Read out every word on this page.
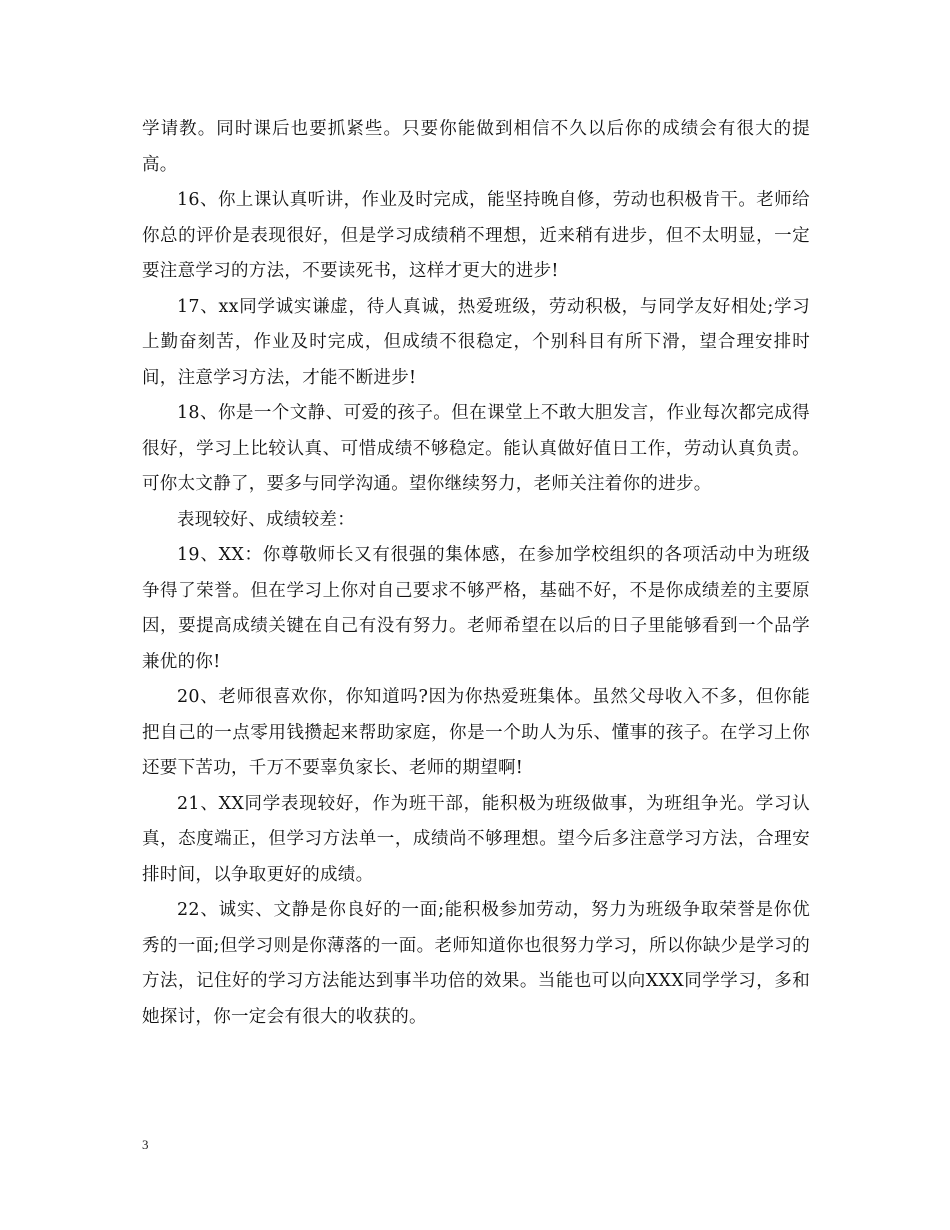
学请教。同时课后也要抓紧些。只要你能做到相信不久以后你的成绩会有很大的提高。

16、你上课认真听讲，作业及时完成，能坚持晚自修，劳动也积极肯干。老师给你总的评价是表现很好，但是学习成绩稍不理想，近来稍有进步，但不太明显，一定要注意学习的方法，不要读死书，这样才更大的进步!

17、xx同学诚实谦虚，待人真诚，热爱班级，劳动积极，与同学友好相处;学习上勤奋刻苦，作业及时完成，但成绩不很稳定，个别科目有所下滑，望合理安排时间，注意学习方法，才能不断进步!

18、你是一个文静、可爱的孩子。但在课堂上不敢大胆发言，作业每次都完成得很好，学习上比较认真、可惜成绩不够稳定。能认真做好值日工作，劳动认真负责。可你太文静了，要多与同学沟通。望你继续努力，老师关注着你的进步。

表现较好、成绩较差：

19、XX：你尊敬师长又有很强的集体感，在参加学校组织的各项活动中为班级争得了荣誉。但在学习上你对自己要求不够严格，基础不好，不是你成绩差的主要原因，要提高成绩关键在自己有没有努力。老师希望在以后的日子里能够看到一个品学兼优的你!

20、老师很喜欢你，你知道吗?因为你热爱班集体。虽然父母收入不多，但你能把自己的一点零用钱攒起来帮助家庭，你是一个助人为乐、懂事的孩子。在学习上你还要下苦功，千万不要辜负家长、老师的期望啊!

21、XX同学表现较好，作为班干部，能积极为班级做事，为班组争光。学习认真，态度端正，但学习方法单一，成绩尚不够理想。望今后多注意学习方法，合理安排时间，以争取更好的成绩。

22、诚实、文静是你良好的一面;能积极参加劳动，努力为班级争取荣誉是你优秀的一面;但学习则是你薄落的一面。老师知道你也很努力学习，所以你缺少是学习的方法，记住好的学习方法能达到事半功倍的效果。当能也可以向XXX同学学习，多和她探讨，你一定会有很大的收获的。

3
